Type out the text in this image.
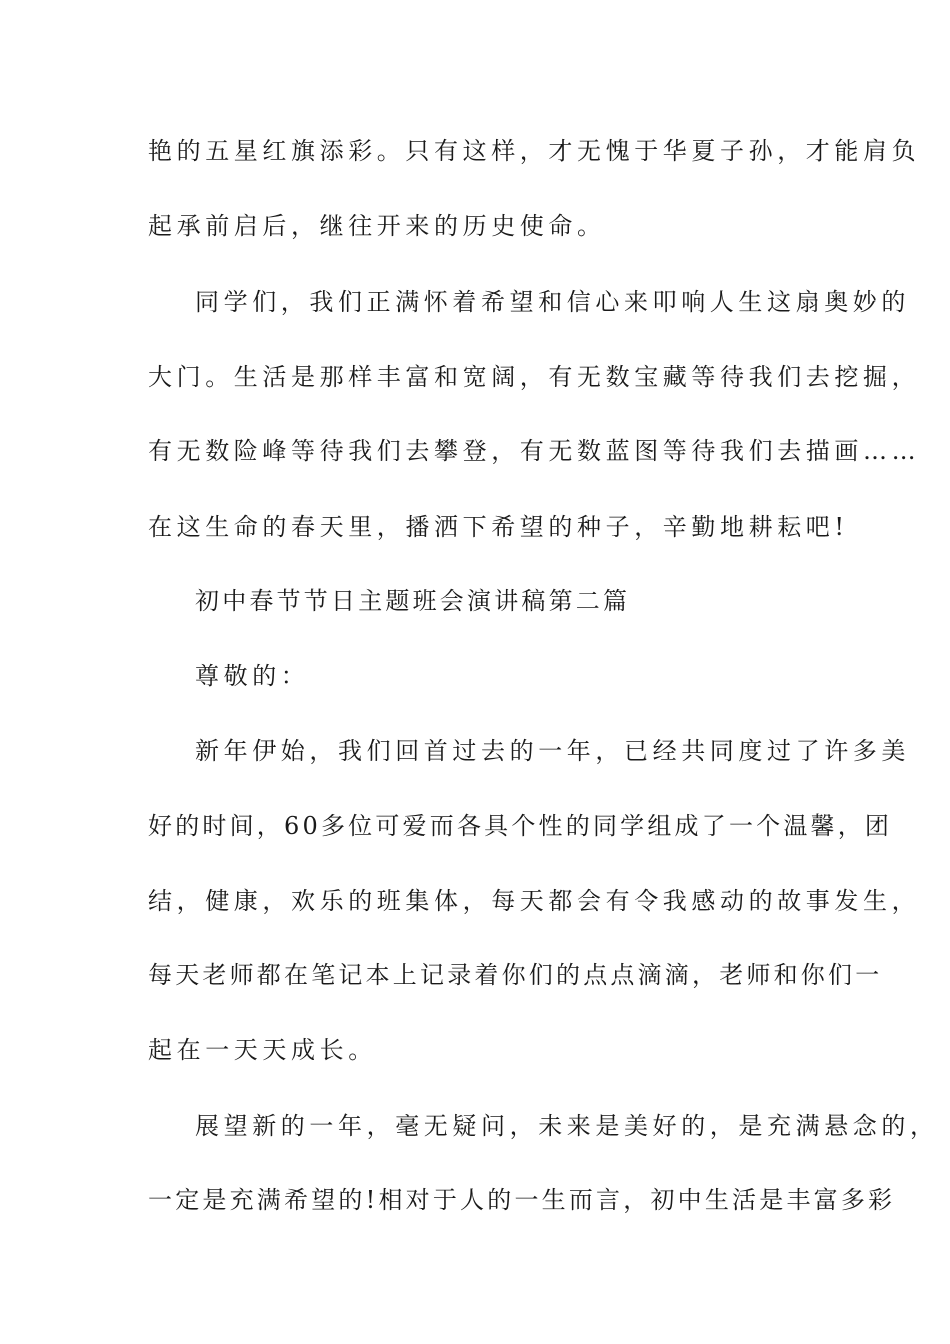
艳的五星红旗添彩。只有这样，才无愧于华夏子孙，才能肩负
起承前启后，继往开来的历史使命。
同学们，我们正满怀着希望和信心来叩响人生这扇奥妙的
大门。生活是那样丰富和宽阔，有无数宝藏等待我们去挖掘，
有无数险峰等待我们去攀登，有无数蓝图等待我们去描画……
在这生命的春天里，播洒下希望的种子，辛勤地耕耘吧!
初中春节节日主题班会演讲稿第二篇
尊敬的：
新年伊始，我们回首过去的一年，已经共同度过了许多美
好的时间，60多位可爱而各具个性的同学组成了一个温馨，团
结，健康，欢乐的班集体，每天都会有令我感动的故事发生，
每天老师都在笔记本上记录着你们的点点滴滴，老师和你们一
起在一天天成长。
展望新的一年，毫无疑问，未来是美好的，是充满悬念的，
一定是充满希望的!相对于人的一生而言，初中生活是丰富多彩
